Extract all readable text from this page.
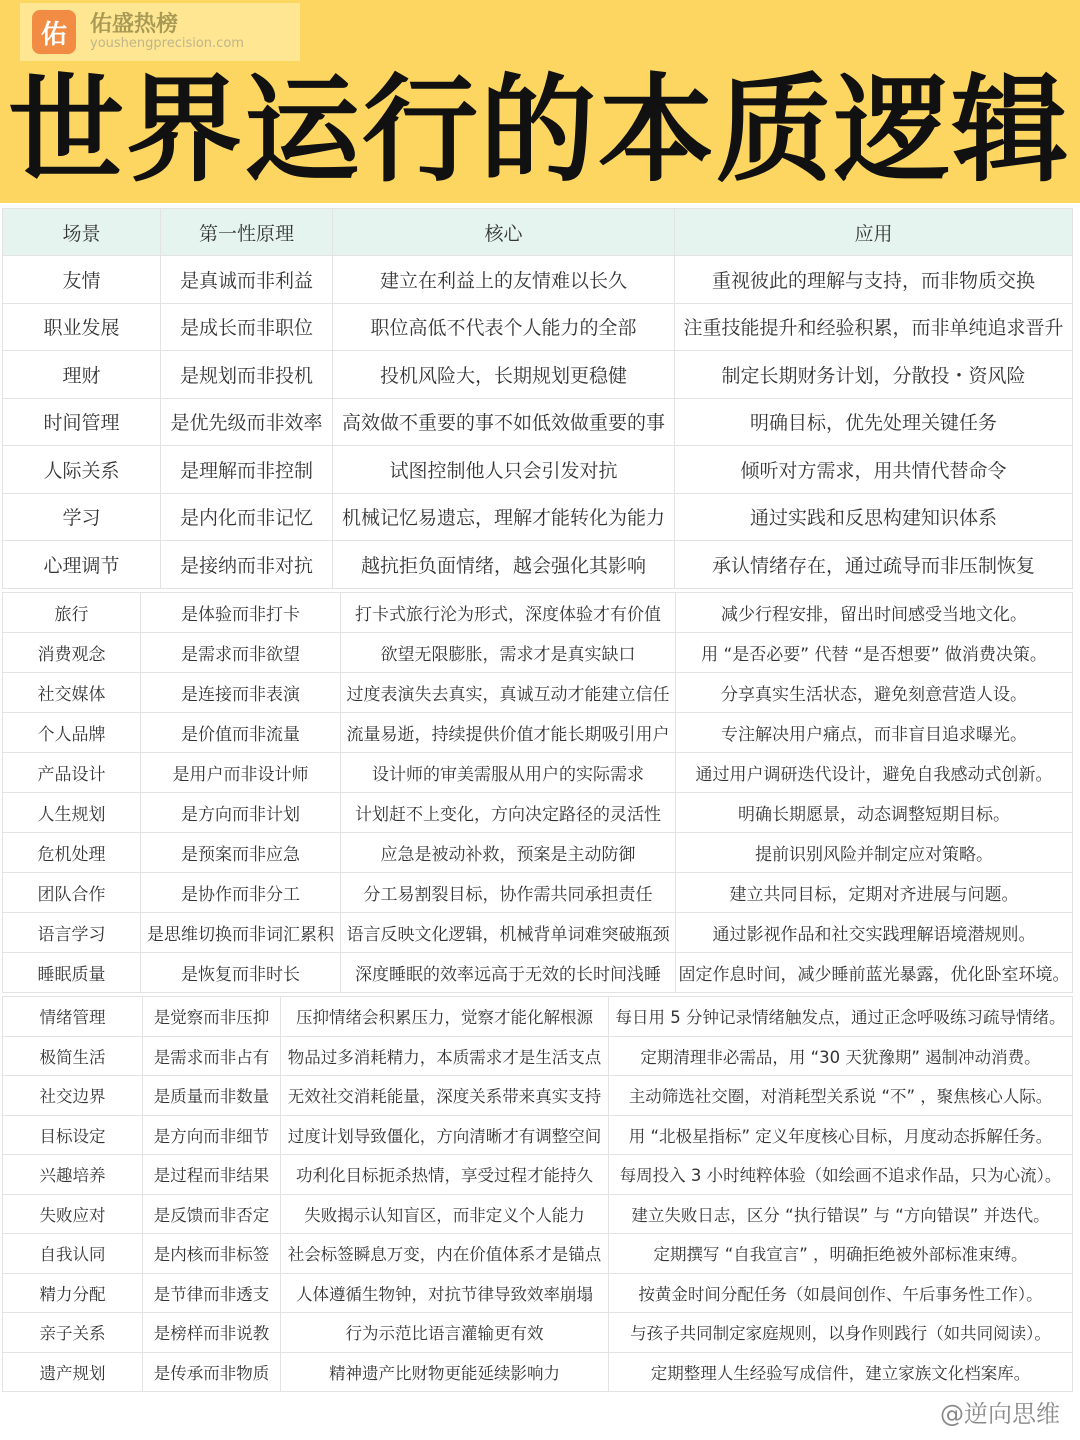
世界运行的本质逻辑
佑	佑盛热榜
youshengprecision.com
场景	第一性原理	核心	应用
友情	是真诚而非利益	建立在利益上的友情难以长久	重视彼此的理解与支持，而非物质交换
职业发展	是成长而非职位	职位高低不代表个人能力的全部	注重技能提升和经验积累，而非单纯追求晋升
理财	是规划而非投机	投机风险大，长期规划更稳健	制定长期财务计划，分散投・资风险
时间管理	是优先级而非效率	高效做不重要的事不如低效做重要的事	明确目标，优先处理关键任务
人际关系	是理解而非控制	试图控制他人只会引发对抗	倾听对方需求，用共情代替命令
学习	是内化而非记忆	机械记忆易遗忘，理解才能转化为能力	通过实践和反思构建知识体系
心理调节	是接纳而非对抗	越抗拒负面情绪，越会强化其影响	承认情绪存在，通过疏导而非压制恢复
旅行	是体验而非打卡	打卡式旅行沦为形式，深度体验才有价值	减少行程安排，留出时间感受当地文化。
消费观念	是需求而非欲望	欲望无限膨胀，需求才是真实缺口	用 “是否必要” 代替 “是否想要” 做消费决策。
社交媒体	是连接而非表演	过度表演失去真实，真诚互动才能建立信任	分享真实生活状态，避免刻意营造人设。
个人品牌	是价值而非流量	流量易逝，持续提供价值才能长期吸引用户	专注解决用户痛点，而非盲目追求曝光。
产品设计	是用户而非设计师	设计师的审美需服从用户的实际需求	通过用户调研迭代设计，避免自我感动式创新。
人生规划	是方向而非计划	计划赶不上变化，方向决定路径的灵活性	明确长期愿景，动态调整短期目标。
危机处理	是预案而非应急	应急是被动补救，预案是主动防御	提前识别风险并制定应对策略。
团队合作	是协作而非分工	分工易割裂目标，协作需共同承担责任	建立共同目标，定期对齐进展与问题。
语言学习	是思维切换而非词汇累积	语言反映文化逻辑，机械背单词难突破瓶颈	通过影视作品和社交实践理解语境潜规则。
睡眠质量	是恢复而非时长	深度睡眠的效率远高于无效的长时间浅睡	固定作息时间，减少睡前蓝光暴露，优化卧室环境。
情绪管理	是觉察而非压抑	压抑情绪会积累压力，觉察才能化解根源	每日用 5 分钟记录情绪触发点，通过正念呼吸练习疏导情绪。
极简生活	是需求而非占有	物品过多消耗精力，本质需求才是生活支点	定期清理非必需品，用 “30 天犹豫期” 遏制冲动消费。
社交边界	是质量而非数量	无效社交消耗能量，深度关系带来真实支持	主动筛选社交圈，对消耗型关系说 “不” ，聚焦核心人际。
目标设定	是方向而非细节	过度计划导致僵化，方向清晰才有调整空间	用 “北极星指标” 定义年度核心目标，月度动态拆解任务。
兴趣培养	是过程而非结果	功利化目标扼杀热情，享受过程才能持久	每周投入 3 小时纯粹体验（如绘画不追求作品，只为心流）。
失败应对	是反馈而非否定	失败揭示认知盲区，而非定义个人能力	建立失败日志，区分 “执行错误” 与 “方向错误” 并迭代。
自我认同	是内核而非标签	社会标签瞬息万变，内在价值体系才是锚点	定期撰写 “自我宣言” ，明确拒绝被外部标准束缚。
精力分配	是节律而非透支	人体遵循生物钟，对抗节律导致效率崩塌	按黄金时间分配任务（如晨间创作、午后事务性工作）。
亲子关系	是榜样而非说教	行为示范比语言灌输更有效	与孩子共同制定家庭规则，以身作则践行（如共同阅读）。
遗产规划	是传承而非物质	精神遗产比财物更能延续影响力	定期整理人生经验写成信件，建立家族文化档案库。
@逆向思维
